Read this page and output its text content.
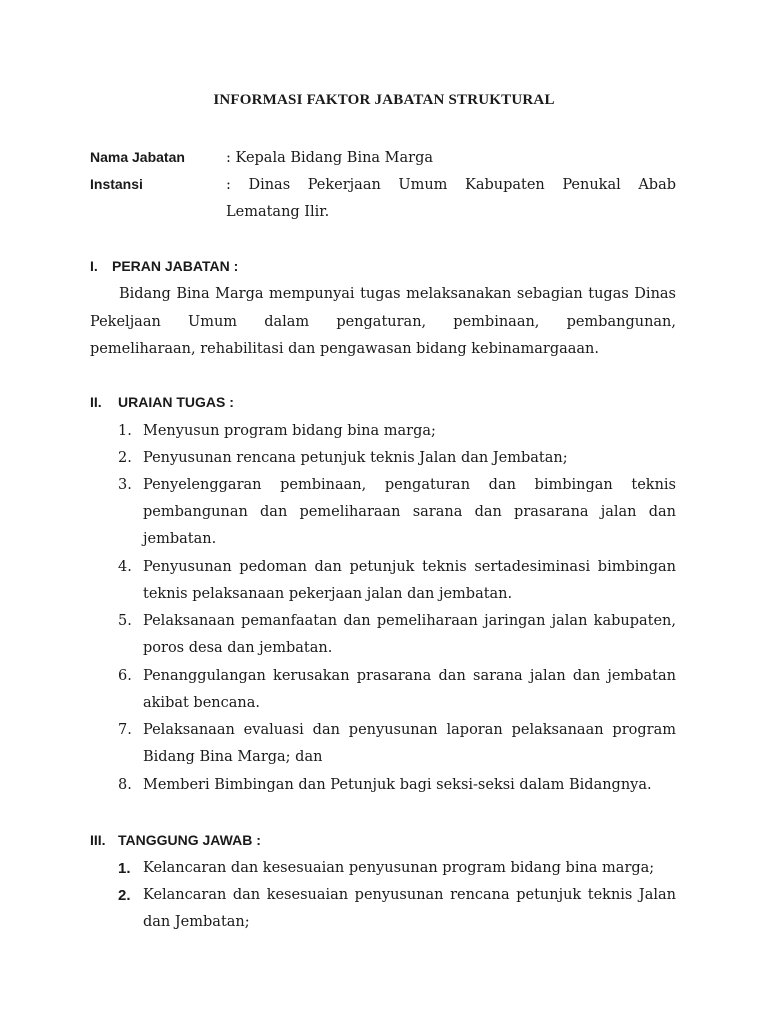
INFORMASI FAKTOR JABATAN STRUKTURAL
Nama Jabatan	: Kepala Bidang Bina Marga
Instansi	: Dinas Pekerjaan Umum Kabupaten Penukal Abab
Lematang Ilir.
I. PERAN JABATAN :
Bidang Bina Marga mempunyai tugas melaksanakan sebagian tugas Dinas
Pekeljaan Umum dalam pengaturan, pembinaan, pembangunan,
pemeliharaan, rehabilitasi dan pengawasan bidang kebinamargaaan.
II. URAIAN TUGAS :
1. Menyusun program bidang bina marga;
2. Penyusunan rencana petunjuk teknis Jalan dan Jembatan;
3. Penyelenggaran pembinaan, pengaturan dan bimbingan teknis
pembangunan dan pemeliharaan sarana dan prasarana jalan dan
jembatan.
4. Penyusunan pedoman dan petunjuk teknis sertadesiminasi bimbingan
teknis pelaksanaan pekerjaan jalan dan jembatan.
5. Pelaksanaan pemanfaatan dan pemeliharaan jaringan jalan kabupaten,
poros desa dan jembatan.
6. Penanggulangan kerusakan prasarana dan sarana jalan dan jembatan
akibat bencana.
7. Pelaksanaan evaluasi dan penyusunan laporan pelaksanaan program
Bidang Bina Marga; dan
8. Memberi Bimbingan dan Petunjuk bagi seksi-seksi dalam Bidangnya.
III. TANGGUNG JAWAB :
1. Kelancaran dan kesesuaian penyusunan program bidang bina marga;
2. Kelancaran dan kesesuaian penyusunan rencana petunjuk teknis Jalan
dan Jembatan;
